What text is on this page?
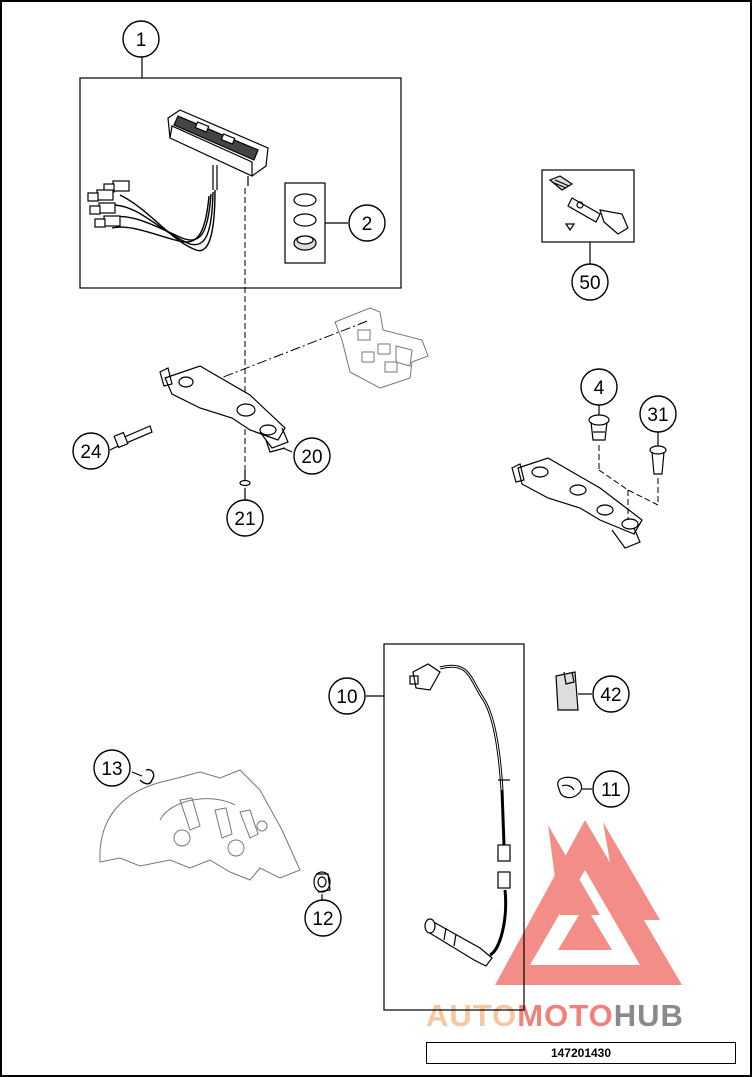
AUTOMOTOHUB
1
2
50
4
31
24	20
21
10	42
13
11
12
147201430
